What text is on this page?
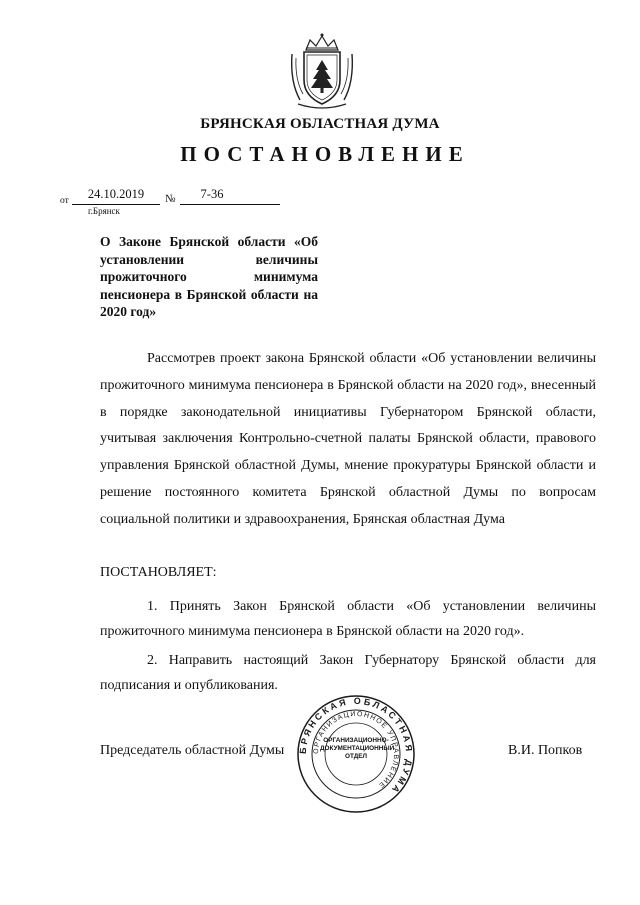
БРЯНСКАЯ ОБЛАСТНАЯ ДУМА
ПОСТАНОВЛЕНИЕ
от	24.10.2019	№	7-36
г.Брянск
О Законе Брянской области «Об установлении величины прожиточного минимума пенсионера в Брянской области на 2020 год»
Рассмотрев проект закона Брянской области «Об установлении величины прожиточного минимума пенсионера в Брянской области на 2020 год», внесенный в порядке законодательной инициативы Губернатором Брянской области, учитывая заключения Контрольно-счетной палаты Брянской области, правового управления Брянской областной Думы, мнение прокуратуры Брянской области и решение постоянного комитета Брянской областной Думы по вопросам социальной политики и здравоохранения, Брянская областная Дума
ПОСТАНОВЛЯЕТ:
1. Принять Закон Брянской области «Об установлении величины прожиточного минимума пенсионера в Брянской области на 2020 год».
2. Направить настоящий Закон Губернатору Брянской области для подписания и опубликования.
БРЯНСКАЯ ОБЛАСТНАЯ ДУМА
ОРГАНИЗАЦИОННОЕ УПРАВЛЕНИЕ
ОРГАНИЗАЦИОННО-
ДОКУМЕНТАЦИОННЫЙ
ОТДЕЛ
Председатель областной Думы	В.И. Попков
